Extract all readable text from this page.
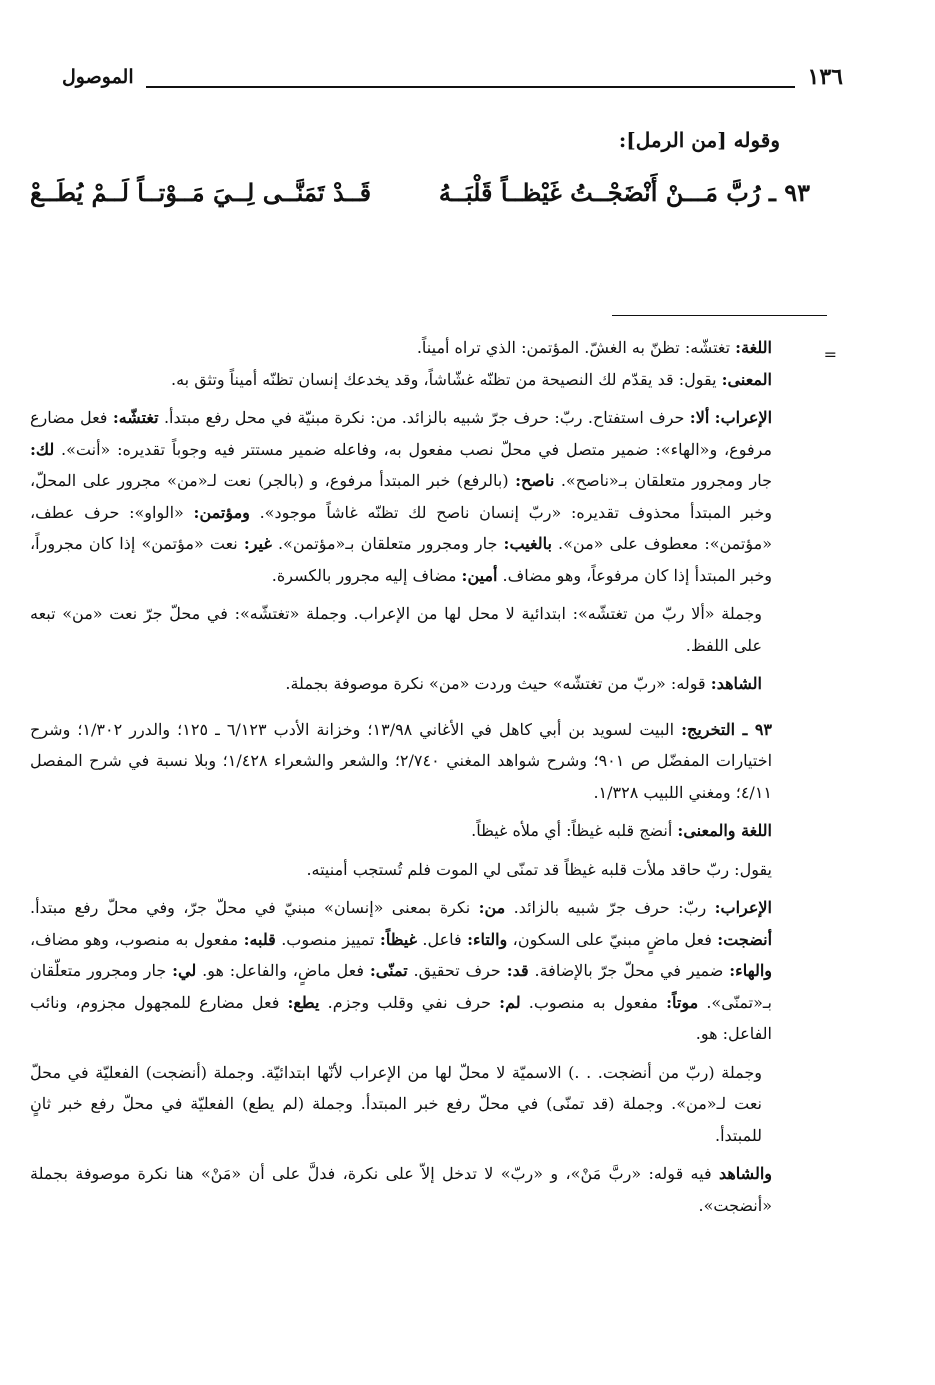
١٣٦
الموصول
وقوله [من الرمل]:
٩٣ ـ رُبَّ مَـــنْ أَنْضَجْــتُ غَيْظــاً قَلْبَــهُ
قَــدْ تَمَنَّــى لِــيَ مَــوْتــاً لَــمْ يُطَــعْ
=

اللغة: تغتشّه: تظنّ به الغشّ. المؤتمن: الذي تراه أميناً.

المعنى: يقول: قد يقدّم لك النصيحة من تظنّه غشّاشاً، وقد يخدعك إنسان تظنّه أميناً وتثق به.

الإعراب: ألا: حرف استفتاح. ربّ: حرف جرّ شبيه بالزائد. من: نكرة مبنيّة في محل رفع مبتدأ. تغتشّه: فعل مضارع مرفوع، و«الهاء»: ضمير متصل في محلّ نصب مفعول به، وفاعله ضمير مستتر فيه وجوباً تقديره: «أنت». لك: جار ومجرور متعلقان بـ«ناصح». ناصح: (بالرفع) خبر المبتدأ مرفوع، و (بالجر) نعت لـ«من» مجرور على المحلّ، وخبر المبتدأ محذوف تقديره: «ربّ إنسان ناصح لك تظنّه غاشاً موجود». ومؤتمن: «الواو»: حرف عطف، «مؤتمن»: معطوف على «من». بالغيب: جار ومجرور متعلقان بـ«مؤتمن». غير: نعت «مؤتمن» إذا كان مجروراً، وخبر المبتدأ إذا كان مرفوعاً، وهو مضاف. أمين: مضاف إليه مجرور بالكسرة.

وجملة «ألا ربّ من تغتشّه»: ابتدائية لا محل لها من الإعراب. وجملة «تغتشّه»: في محلّ جرّ نعت «من» تبعه على اللفظ.

الشاهد: قوله: «ربّ من تغتشّه» حيث وردت «من» نكرة موصوفة بجملة.

٩٣ ـ التخريج: البيت لسويد بن أبي كاهل في الأغاني ١٣/٩٨؛ وخزانة الأدب ٦/١٢٣ ـ ١٢٥؛ والدرر ١/٣٠٢؛ وشرح اختيارات المفضّل ص ٩٠١؛ وشرح شواهد المغني ٢/٧٤٠؛ والشعر والشعراء ١/٤٢٨؛ وبلا نسبة في شرح المفصل ٤/١١؛ ومغني اللبيب ١/٣٢٨.

اللغة والمعنى: أنضج قلبه غيظاً: أي ملأه غيظاً.

يقول: ربّ حاقد ملأت قلبه غيظاً قد تمنّى لي الموت فلم تُستجب أمنيته.

الإعراب: ربّ: حرف جرّ شبيه بالزائد. من: نكرة بمعنى «إنسان» مبنيّ في محلّ جرّ، وفي محلّ رفع مبتدأ. أنضجت: فعل ماضٍ مبنيّ على السكون، والتاء: فاعل. غيظاً: تمييز منصوب. قلبه: مفعول به منصوب، وهو مضاف، والهاء: ضمير في محلّ جرّ بالإضافة. قد: حرف تحقيق. تمنّى: فعل ماضٍ، والفاعل: هو. لي: جار ومجرور متعلّقان بـ«تمنّى». موتاً: مفعول به منصوب. لم: حرف نفي وقلب وجزم. يطع: فعل مضارع للمجهول مجزوم، ونائب الفاعل: هو.

وجملة (ربّ من أنضجت. . .) الاسميّة لا محلّ لها من الإعراب لأنّها ابتدائيّة. وجملة (أنضجت) الفعليّة في محلّ نعت لـ«من». وجملة (قد تمنّى) في محلّ رفع خبر المبتدأ. وجملة (لم يطع) الفعليّة في محلّ رفع خبر ثانٍ للمبتدأ.

والشاهد فيه قوله: «ربَّ مَنْ»، و «ربّ» لا تدخل إلاّ على نكرة، فدلَّ على أن «مَنْ» هنا نكرة موصوفة بجملة «أنضجت».
